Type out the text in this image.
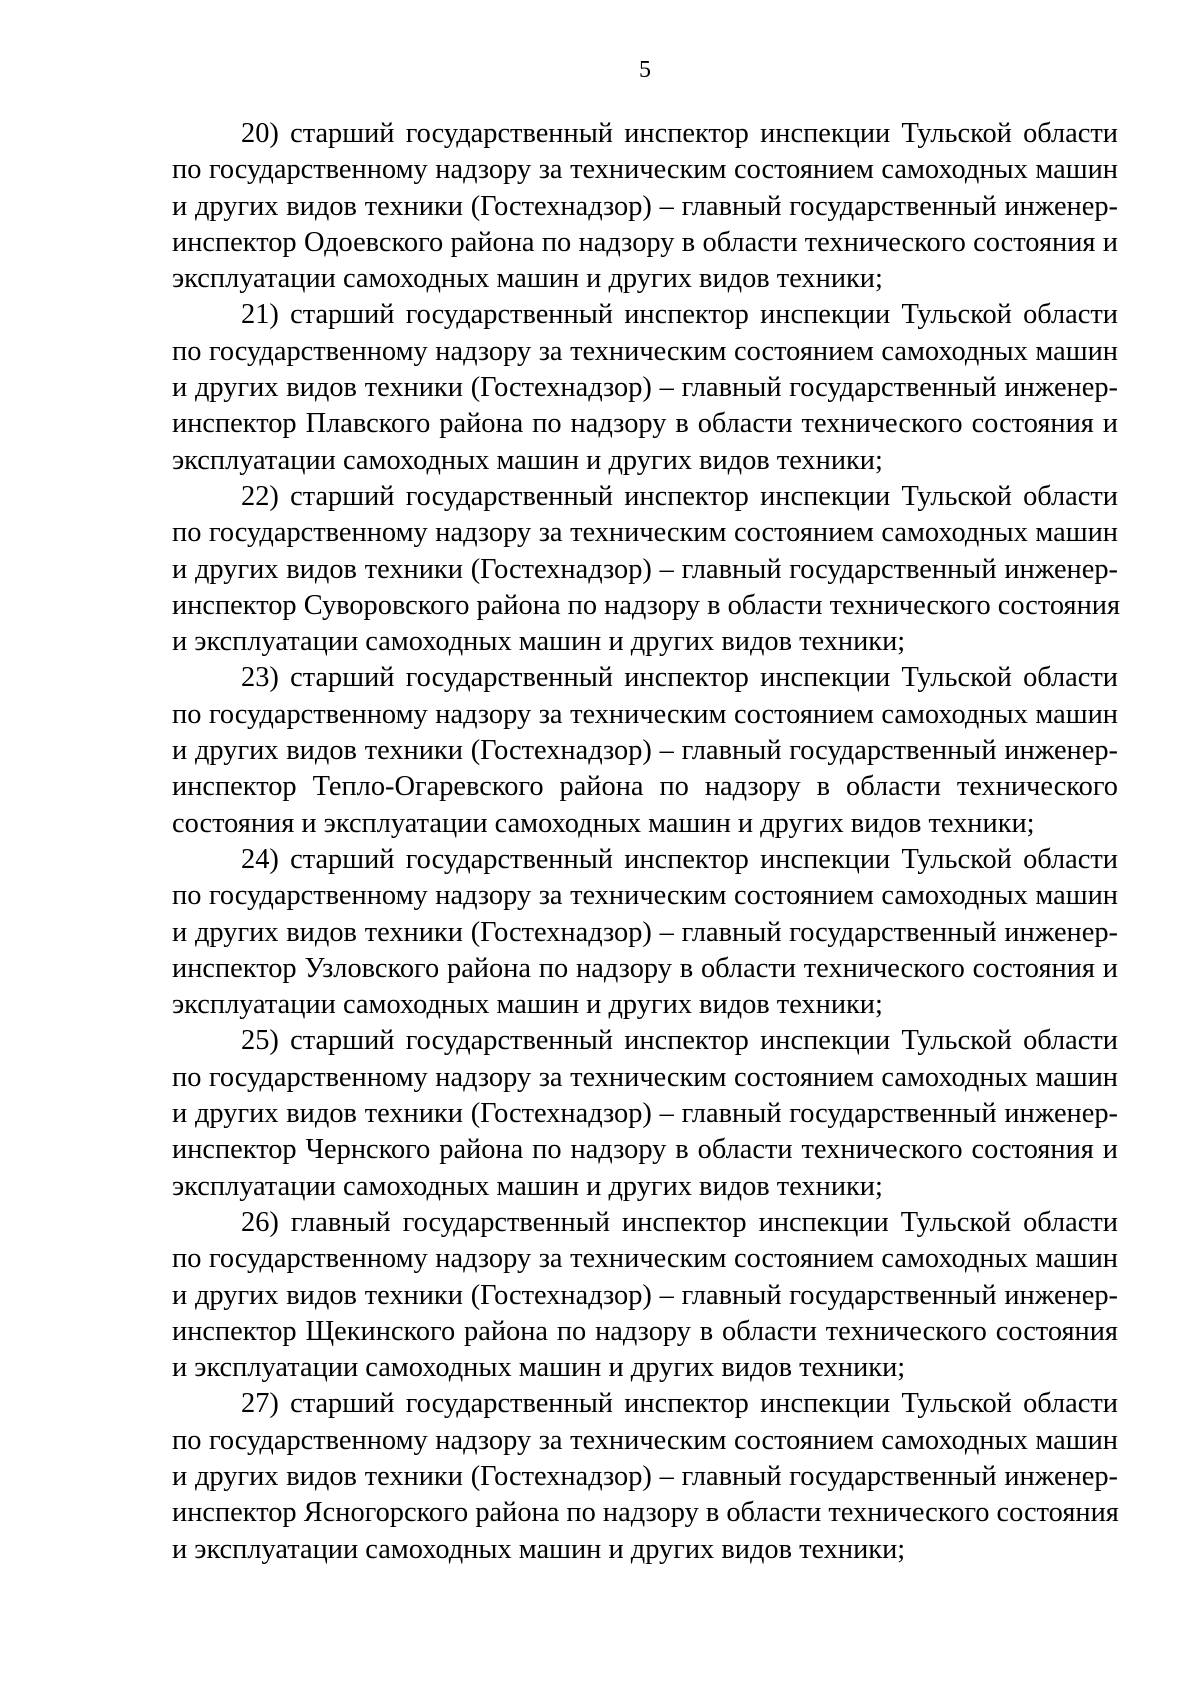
5

20) старший государственный инспектор инспекции Тульской области
по государственному надзору за техническим состоянием самоходных машин
и других видов техники (Гостехнадзор) – главный государственный инженер-
инспектор Одоевского района по надзору в области технического состояния и
эксплуатации самоходных машин и других видов техники;

21) старший государственный инспектор инспекции Тульской области
по государственному надзору за техническим состоянием самоходных машин
и других видов техники (Гостехнадзор) – главный государственный инженер-
инспектор Плавского района по надзору в области технического состояния и
эксплуатации самоходных машин и других видов техники;

22) старший государственный инспектор инспекции Тульской области
по государственному надзору за техническим состоянием самоходных машин
и других видов техники (Гостехнадзор) – главный государственный инженер-
инспектор Суворовского района по надзору в области технического состояния
и эксплуатации самоходных машин и других видов техники;

23) старший государственный инспектор инспекции Тульской области
по государственному надзору за техническим состоянием самоходных машин
и других видов техники (Гостехнадзор) – главный государственный инженер-
инспектор Тепло-Огаревского района по надзору в области технического
состояния и эксплуатации самоходных машин и других видов техники;

24) старший государственный инспектор инспекции Тульской области
по государственному надзору за техническим состоянием самоходных машин
и других видов техники (Гостехнадзор) – главный государственный инженер-
инспектор Узловского района по надзору в области технического состояния и
эксплуатации самоходных машин и других видов техники;

25) старший государственный инспектор инспекции Тульской области
по государственному надзору за техническим состоянием самоходных машин
и других видов техники (Гостехнадзор) – главный государственный инженер-
инспектор Чернского района по надзору в области технического состояния и
эксплуатации самоходных машин и других видов техники;

26) главный государственный инспектор инспекции Тульской области
по государственному надзору за техническим состоянием самоходных машин
и других видов техники (Гостехнадзор) – главный государственный инженер-
инспектор Щекинского района по надзору в области технического состояния
и эксплуатации самоходных машин и других видов техники;

27) старший государственный инспектор инспекции Тульской области
по государственному надзору за техническим состоянием самоходных машин
и других видов техники (Гостехнадзор) – главный государственный инженер-
инспектор Ясногорского района по надзору в области технического состояния
и эксплуатации самоходных машин и других видов техники;
